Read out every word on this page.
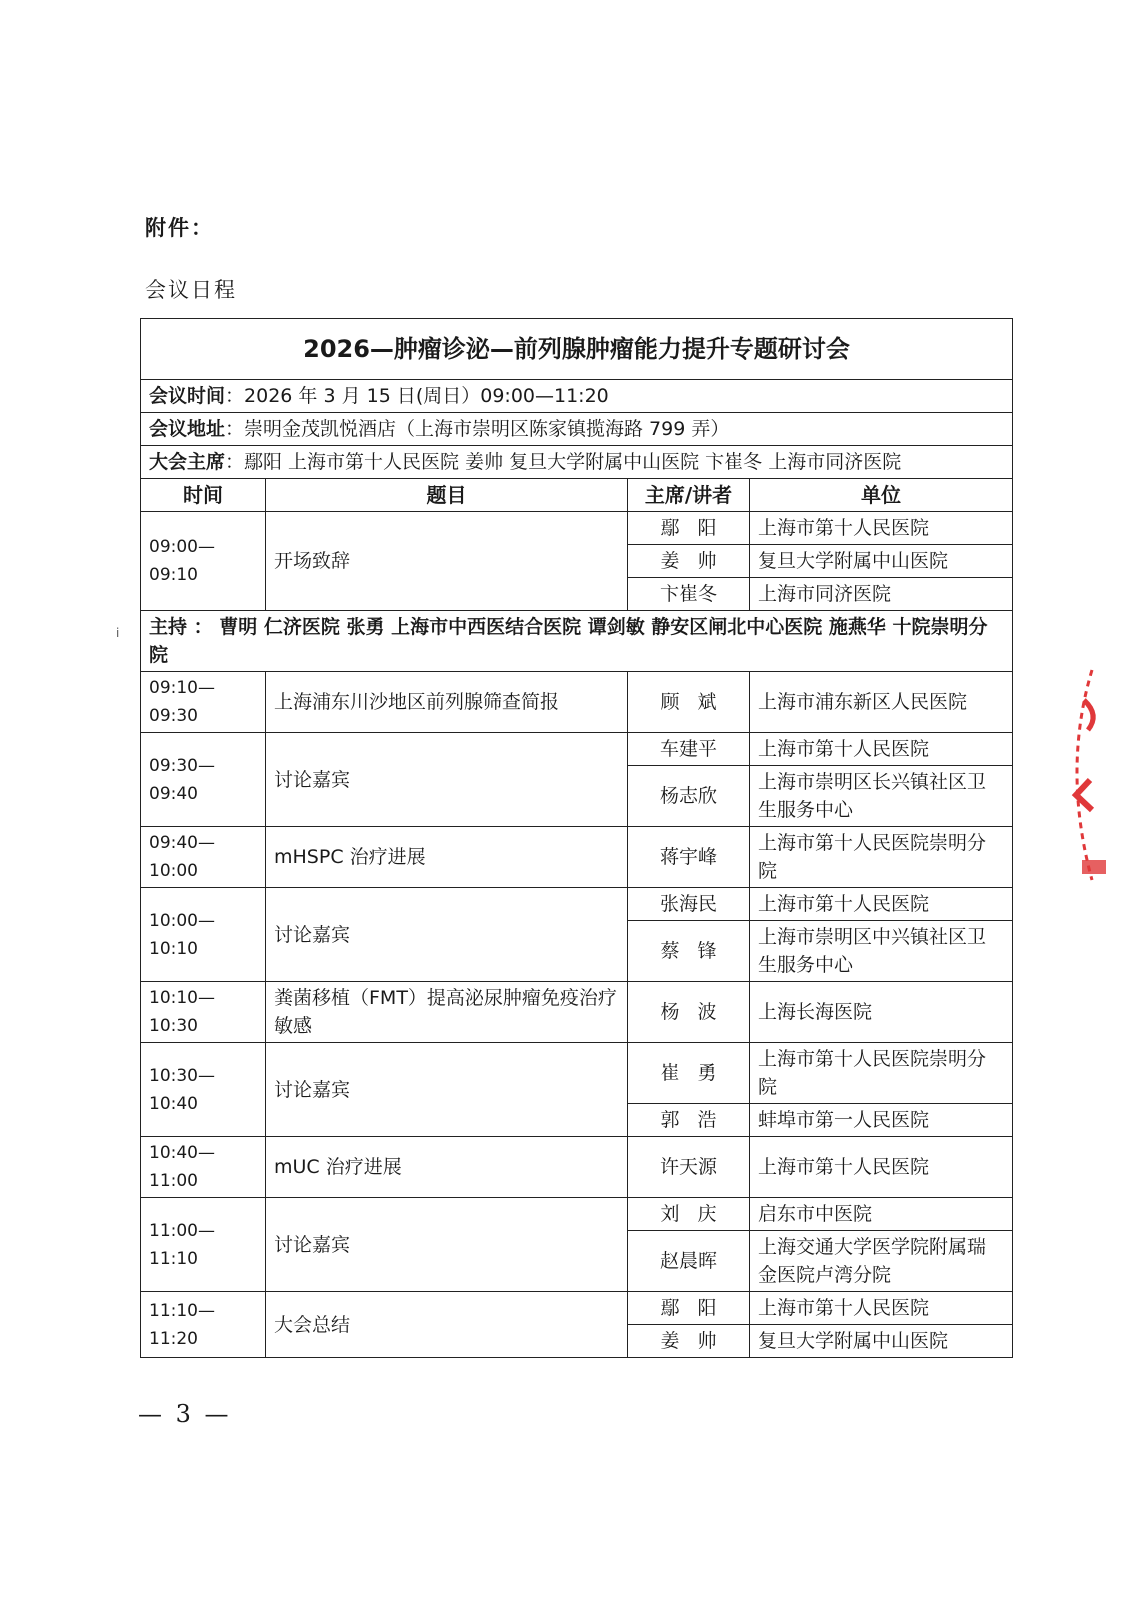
附件：
会议日程
2026—肿瘤诊泌—前列腺肿瘤能力提升专题研讨会			
会议时间：2026 年 3 月 15 日(周日）09:00—11:20			
会议地址：崇明金茂凯悦酒店（上海市崇明区陈家镇揽海路 799 弄）			
大会主席：鄢阳 上海市第十人民医院 姜帅 复旦大学附属中山医院 卞崔冬 上海市同济医院			
时间	题目	主席/讲者	单位
09:00—09:10	开场致辞	鄢阳	上海市第十人民医院
		姜帅	复旦大学附属中山医院
		卞崔冬	上海市同济医院
主持 ： 曹明 仁济医院 张勇 上海市中西医结合医院 谭剑敏 静安区闸北中心医院 施燕华 十院崇明分院			
09:10—09:30	上海浦东川沙地区前列腺筛查简报	顾斌	上海市浦东新区人民医院
09:30—09:40	讨论嘉宾	车建平	上海市第十人民医院
		杨志欣	上海市崇明区长兴镇社区卫生服务中心
09:40—10:00	mHSPC 治疗进展	蒋宇峰	上海市第十人民医院崇明分院
10:00—10:10	讨论嘉宾	张海民	上海市第十人民医院
		蔡锋	上海市崇明区中兴镇社区卫生服务中心
10:10—10:30	粪菌移植（FMT）提高泌尿肿瘤免疫治疗敏感	杨波	上海长海医院
10:30—10:40	讨论嘉宾	崔勇	上海市第十人民医院崇明分院
		郭浩	蚌埠市第一人民医院
10:40—11:00	mUC 治疗进展	许天源	上海市第十人民医院
11:00—11:10	讨论嘉宾	刘庆	启东市中医院
		赵晨晖	上海交通大学医学院附属瑞金医院卢湾分院
11:10—11:20	大会总结	鄢阳	上海市第十人民医院
		姜帅	复旦大学附属中山医院
ⅰ
— 3 —
